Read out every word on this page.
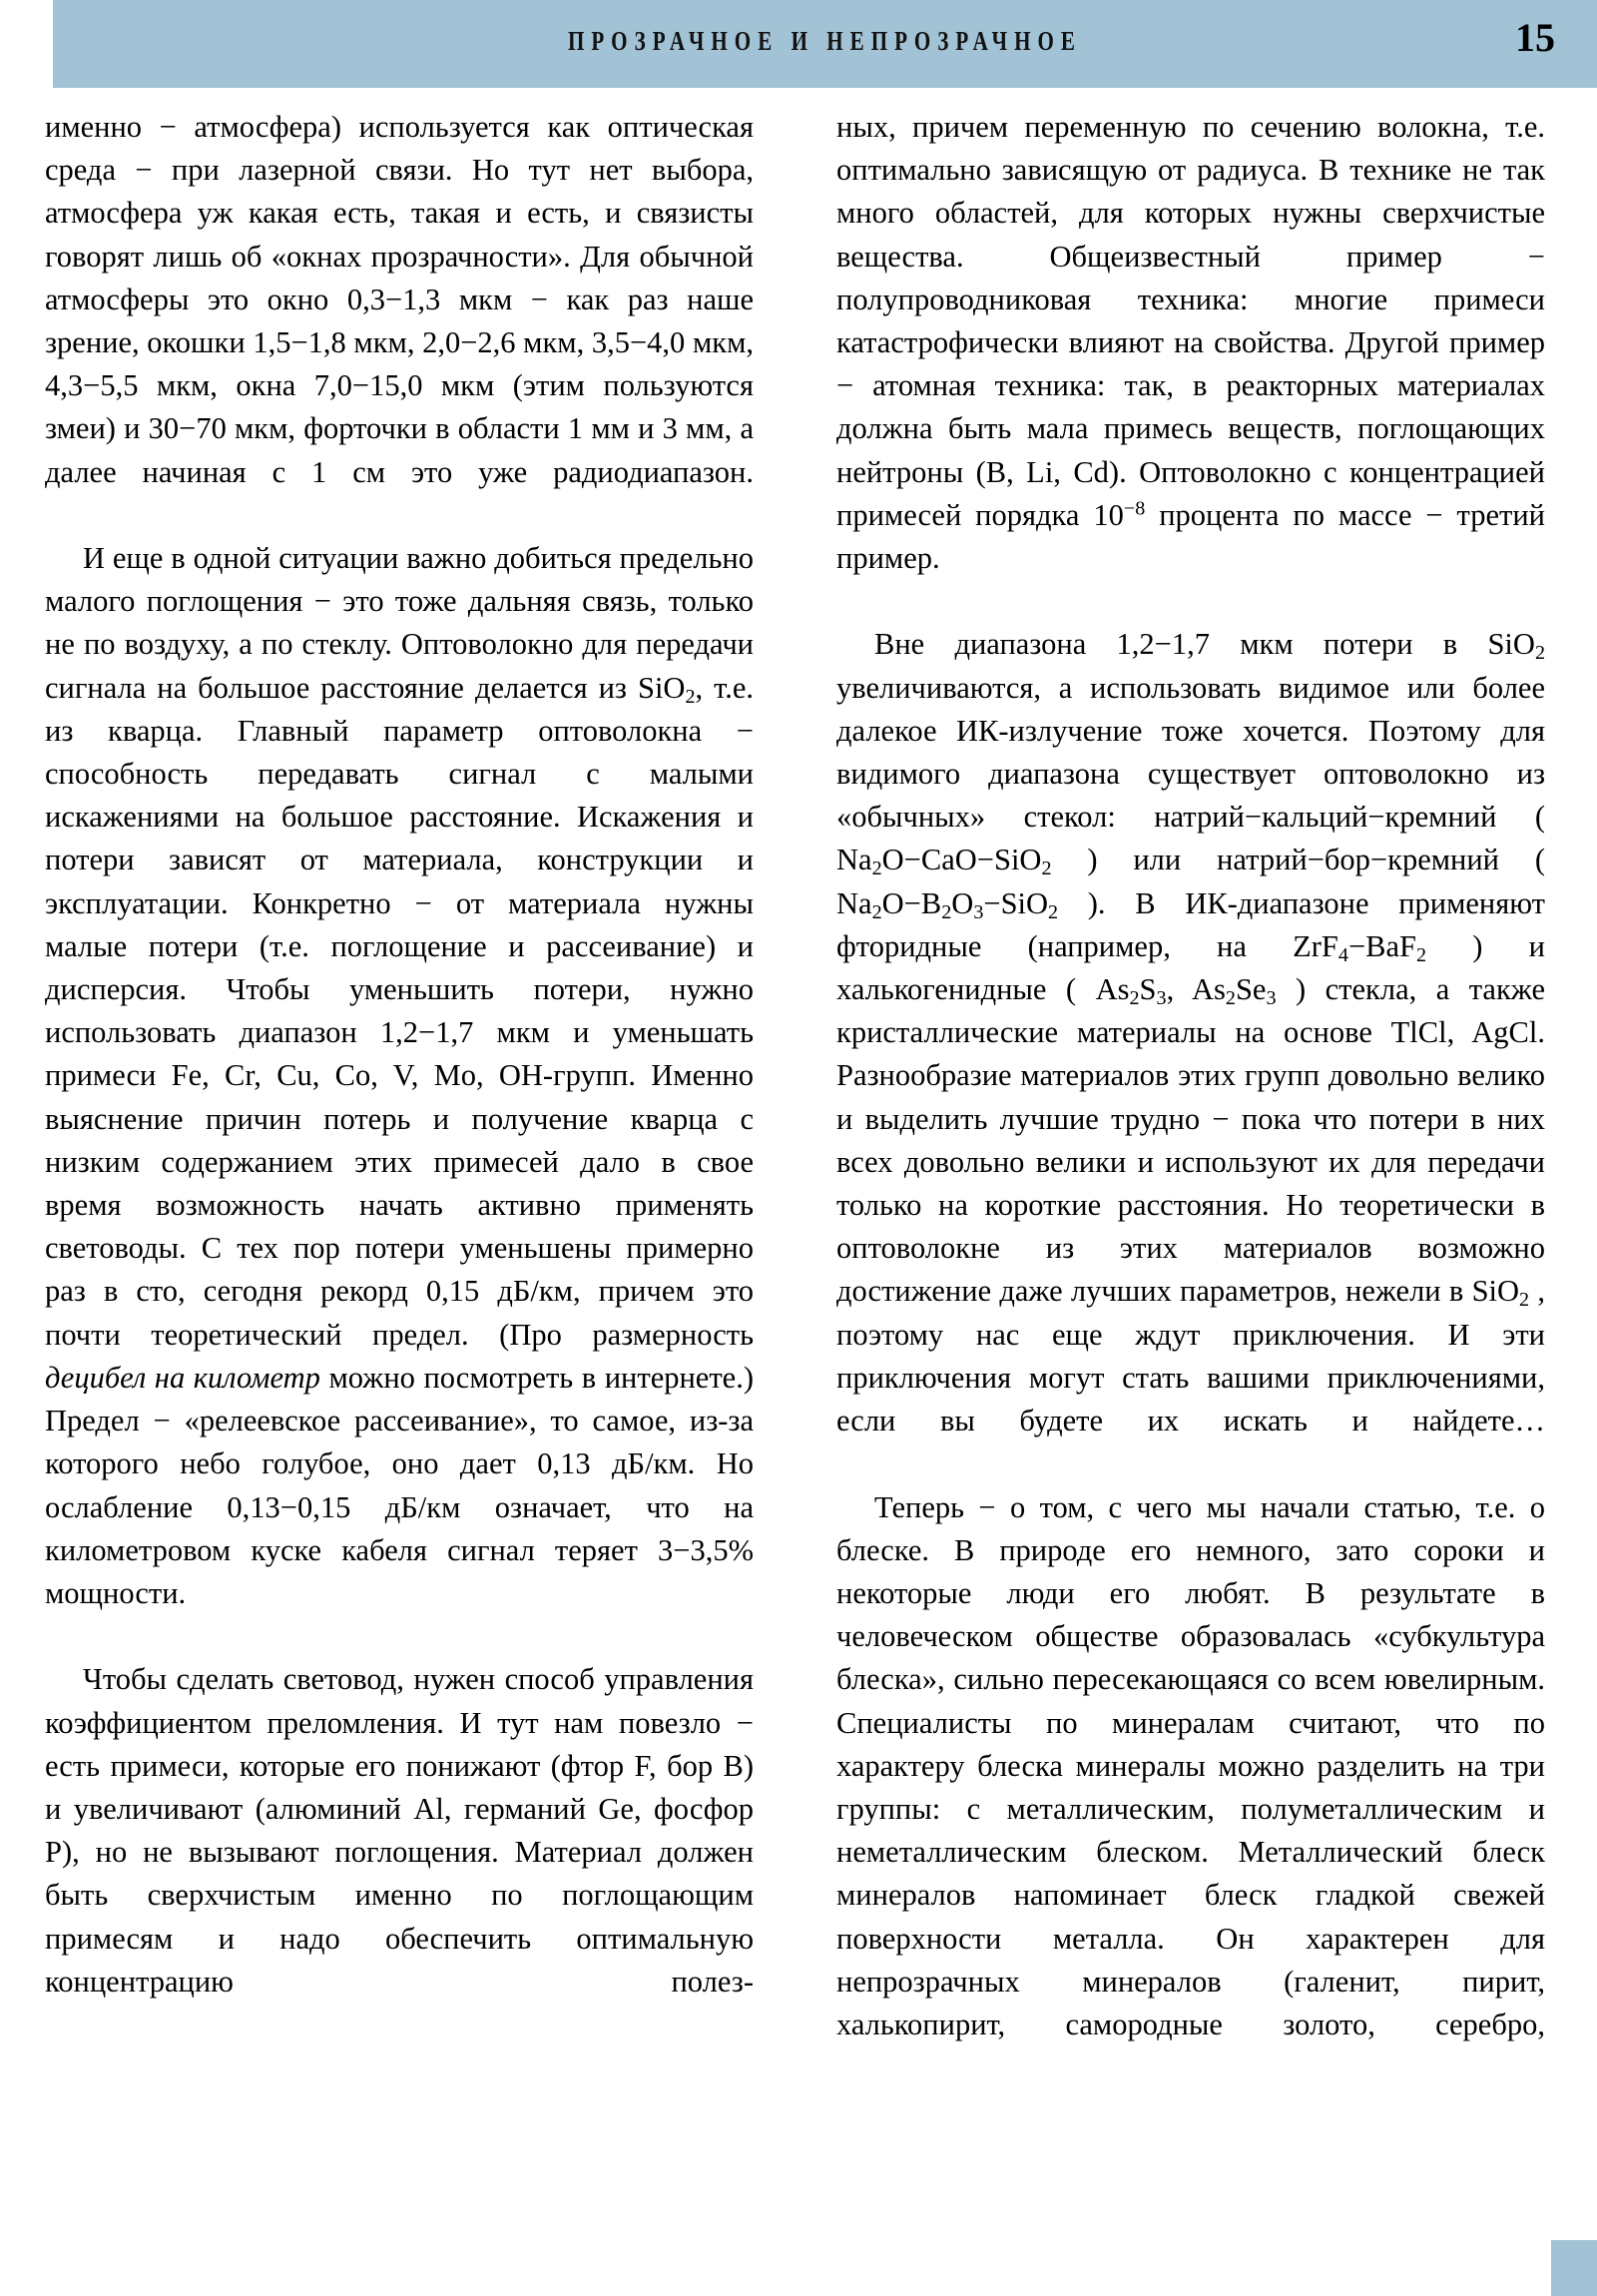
ПРОЗРАЧНОЕ И НЕПРОЗРАЧНОЕ	15

именно − атмосфера) используется как оптическая среда − при лазерной связи. Но тут нет выбора, атмосфера уж какая есть, такая и есть, и связисты говорят лишь об «окнах прозрачности». Для обычной атмосферы это окно 0,3−1,3 мкм − как раз наше зрение, окошки 1,5−1,8 мкм, 2,0−2,6 мкм, 3,5−4,0 мкм, 4,3−5,5 мкм, окна 7,0−15,0 мкм (этим пользуются змеи) и 30−70 мкм, форточки в области 1 мм и 3 мм, а далее начиная с 1 см это уже радиодиапазон.

И еще в одной ситуации важно добиться предельно малого поглощения − это тоже дальняя связь, только не по воздуху, а по стеклу. Оптоволокно для передачи сигнала на большое расстояние делается из SiO$_2$, т.е. из кварца. Главный параметр оптоволокна − способность передавать сигнал с малыми искажениями на большое расстояние. Искажения и потери зависят от материала, конструкции и эксплуатации. Конкретно − от материала нужны малые потери (т.е. поглощение и рассеивание) и дисперсия. Чтобы уменьшить потери, нужно использовать диапазон 1,2−1,7 мкм и уменьшать примеси Fe, Cr, Cu, Co, V, Mo, OH-групп. Именно выяснение причин потерь и получение кварца с низким содержанием этих примесей дало в свое время возможность начать активно применять световоды. С тех пор потери уменьшены примерно раз в сто, сегодня рекорд 0,15 дБ/км, причем это почти теоретический предел. (Про размерность децибел на километр можно посмотреть в интернете.) Предел − «релеевское рассеивание», то самое, из-за которого небо голубое, оно дает 0,13 дБ/км. Но ослабление 0,13−0,15 дБ/км означает, что на километровом куске кабеля сигнал теряет 3−3,5% мощности.

Чтобы сделать световод, нужен способ управления коэффициентом преломления. И тут нам повезло − есть примеси, которые его понижают (фтор F, бор B) и увеличивают (алюминий Al, германий Ge, фосфор P), но не вызывают поглощения. Материал должен быть сверхчистым именно по поглощающим примесям и надо обеспечить оптимальную концентрацию полез-

ных, причем переменную по сечению волокна, т.е. оптимально зависящую от радиуса. В технике не так много областей, для которых нужны сверхчистые вещества. Общеизвестный пример − полупроводниковая техника: многие примеси катастрофически влияют на свойства. Другой пример − атомная техника: так, в реакторных материалах должна быть мала примесь веществ, поглощающих нейтроны (B, Li, Cd). Оптоволокно с концентрацией примесей порядка $10^{-8}$ процента по массе − третий пример.

Вне диапазона 1,2−1,7 мкм потери в SiO$_2$ увеличиваются, а использовать видимое или более далекое ИК-излучение тоже хочется. Поэтому для видимого диапазона существует оптоволокно из «обычных» стекол: натрий−кальций−кремний ( $Na_2O-CaO-SiO_2$ ) или натрий−бор−кремний ( $Na_2O-B_2O_3-SiO_2$ ). В ИК-диапазоне применяют фторидные (например, на ZrF$_4$−BaF$_2$ ) и халькогенидные ( $As_2S_3$, $As_2Se_3$ ) стекла, а также кристаллические материалы на основе TlCl, AgCl. Разнообразие материалов этих групп довольно велико и выделить лучшие трудно − пока что потери в них всех довольно велики и используют их для передачи только на короткие расстояния. Но теоретически в оптоволокне из этих материалов возможно достижение даже лучших параметров, нежели в SiO$_2$ , поэтому нас еще ждут приключения. И эти приключения могут стать вашими приключениями, если вы будете их искать и найдете…

Теперь − о том, с чего мы начали статью, т.е. о блеске. В природе его немного, зато сороки и некоторые люди его любят. В результате в человеческом обществе образовалась «субкультура блеска», сильно пересекающаяся со всем ювелирным. Специалисты по минералам считают, что по характеру блеска минералы можно разделить на три группы: с металлическим, полуметаллическим и неметаллическим блеском. Металлический блеск минералов напоминает блеск гладкой свежей поверхности металла. Он характерен для непрозрачных минералов (галенит, пирит, халькопирит, самородные золото, серебро,
